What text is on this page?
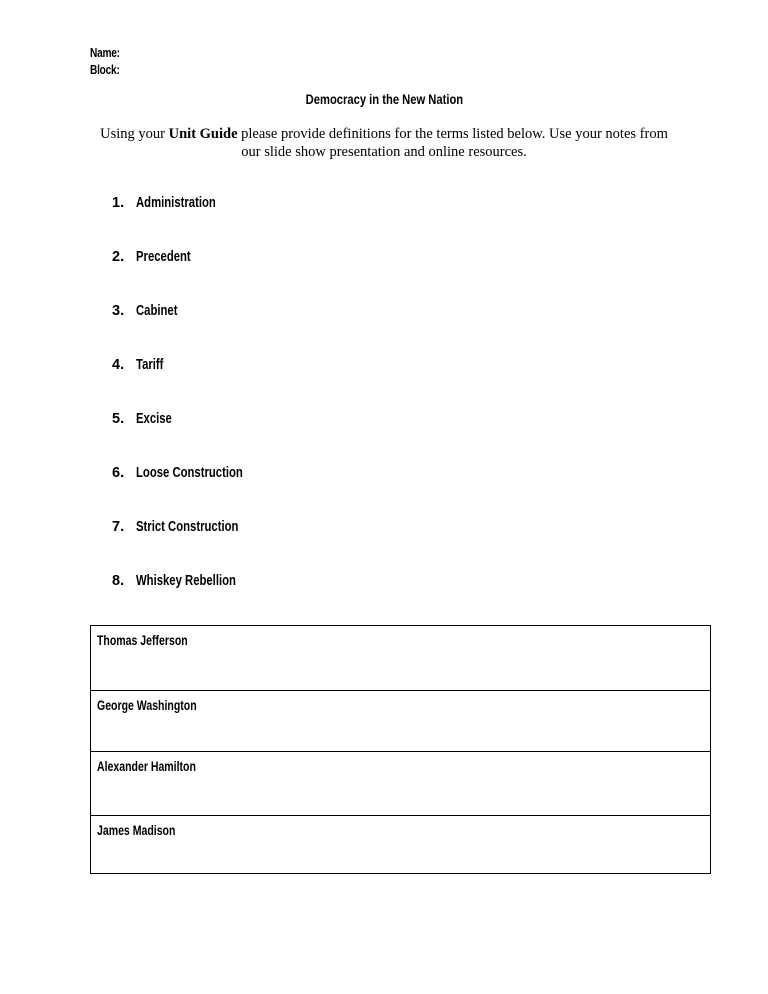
Name:
Block:
Democracy in the New Nation
Using your Unit Guide please provide definitions for the terms listed below. Use your notes from our slide show presentation and online resources.
1. Administration
2. Precedent
3. Cabinet
4. Tariff
5. Excise
6. Loose Construction
7. Strict Construction
8. Whiskey Rebellion
Thomas Jefferson
George Washington
Alexander Hamilton
James Madison
